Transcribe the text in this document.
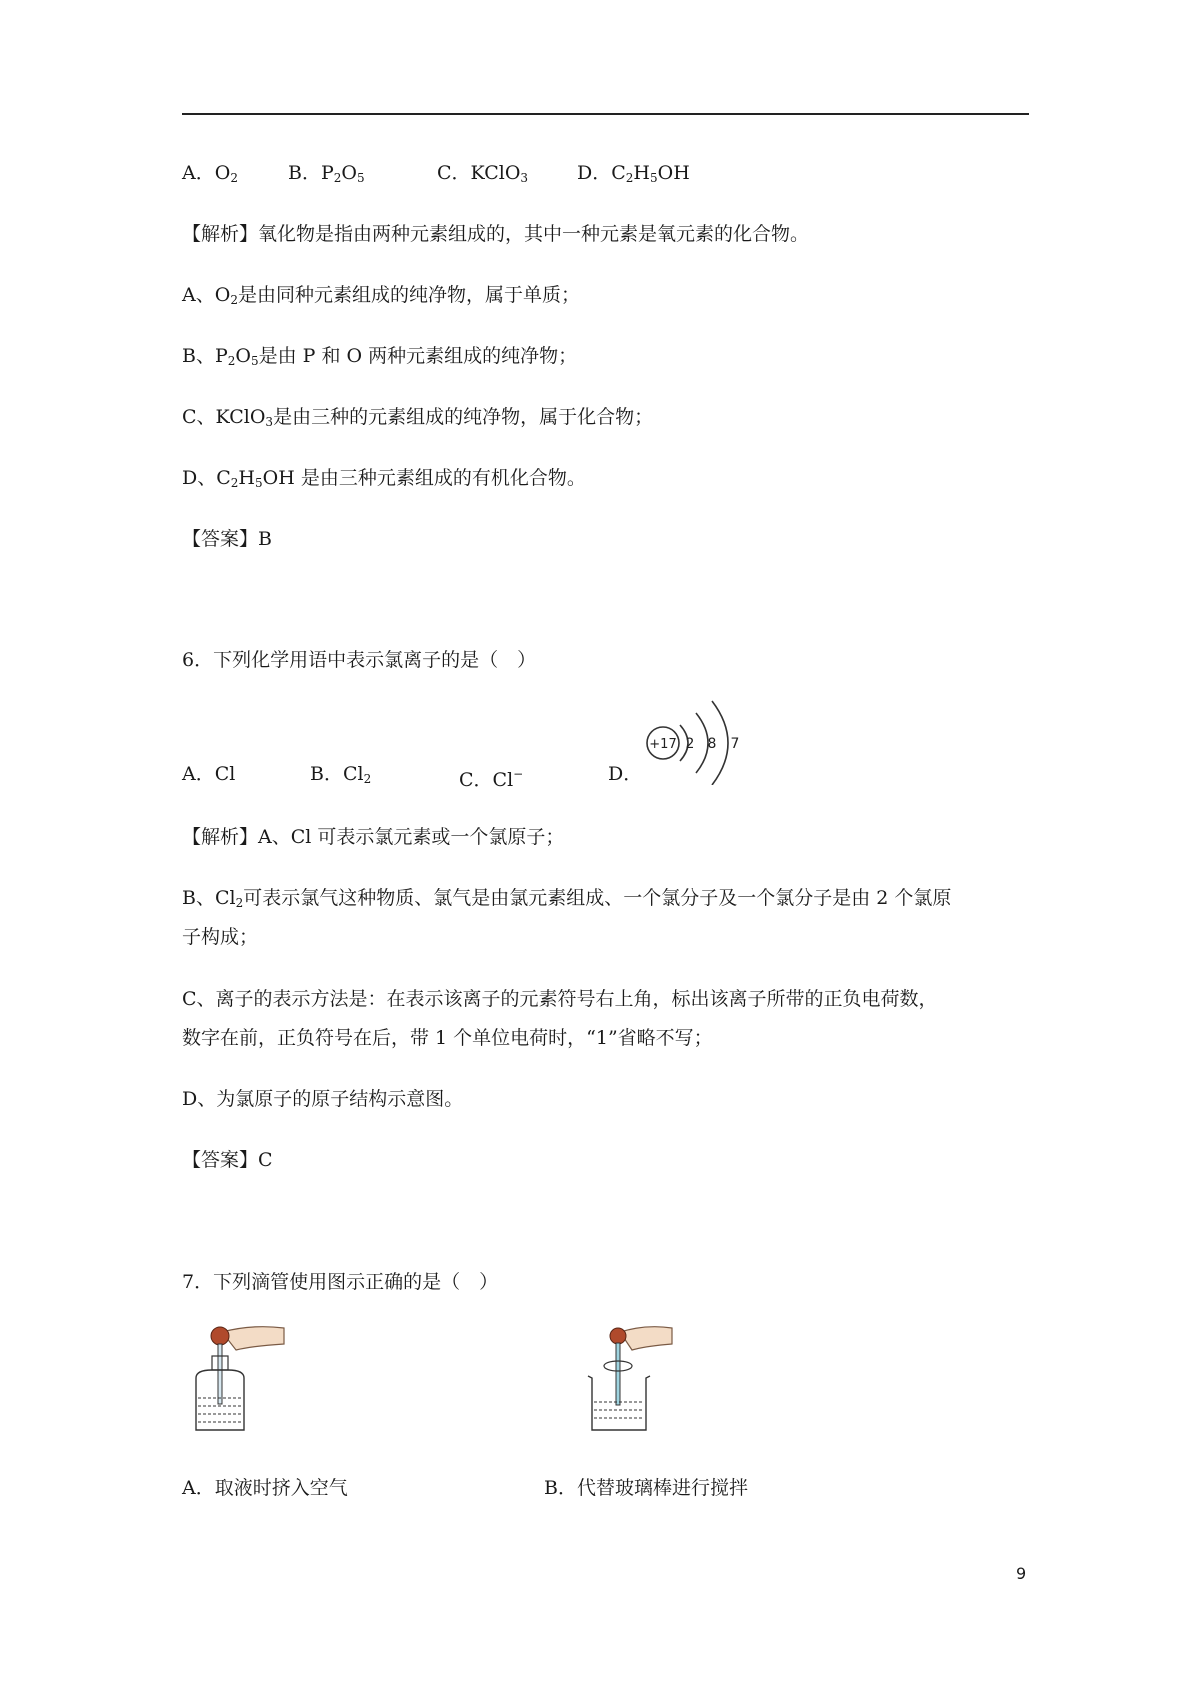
A．$O_2$	B．$P_2O_5$	C．KClO$_3$	D．$C_2H_5OH$
【解析】氧化物是指由两种元素组成的，其中一种元素是氧元素的化合物。
A、$O_2$是由同种元素组成的纯净物，属于单质；
B、$P_2O_5$是由 P 和 O 两种元素组成的纯净物；
C、KClO$_3$是由三种的元素组成的纯净物，属于化合物；
D、$C_2H_5OH$ 是由三种元素组成的有机化合物。
【答案】B
6．下列化学用语中表示氯离子的是（　）
A．Cl	B．$Cl_2$	C．Cl−	D．
+17 2 8 7
【解析】A、Cl 可表示氯元素或一个氯原子；
B、$Cl_2$可表示氯气这种物质、氯气是由氯元素组成、一个氯分子及一个氯分子是由 2 个氯原
子构成；
C、离子的表示方法是：在表示该离子的元素符号右上角，标出该离子所带的正负电荷数，
数字在前，正负符号在后，带 1 个单位电荷时，“1”省略不写；
D、为氯原子的原子结构示意图。
【答案】C
7．下列滴管使用图示正确的是（　）
A．取液时挤入空气	B．代替玻璃棒进行搅拌
9
